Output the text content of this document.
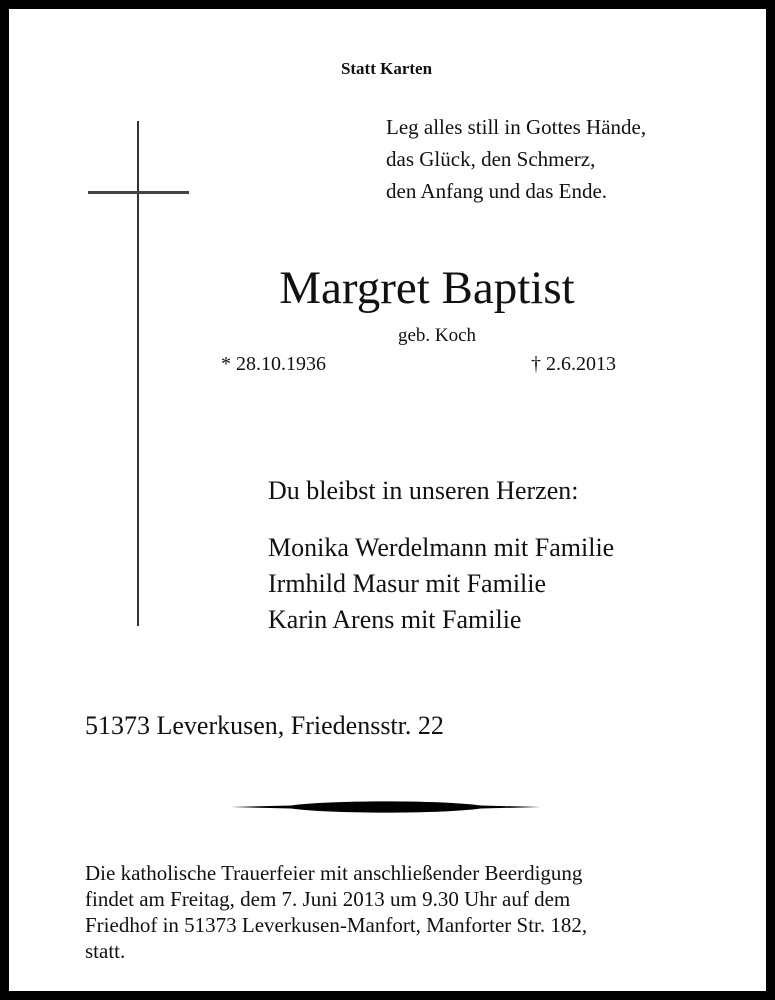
Statt Karten
Leg alles still in Gottes Hände,
das Glück, den Schmerz,
den Anfang und das Ende.
Margret Baptist
geb. Koch
* 28.10.1936	† 2.6.2013
Du bleibst in unseren Herzen:
Monika Werdelmann mit Familie
Irmhild Masur mit Familie
Karin Arens mit Familie
51373 Leverkusen, Friedensstr. 22
Die katholische Trauerfeier mit anschließender Beerdigung
findet am Freitag, dem 7. Juni 2013 um 9.30 Uhr auf dem
Friedhof in 51373 Leverkusen-Manfort, Manforter Str. 182,
statt.
